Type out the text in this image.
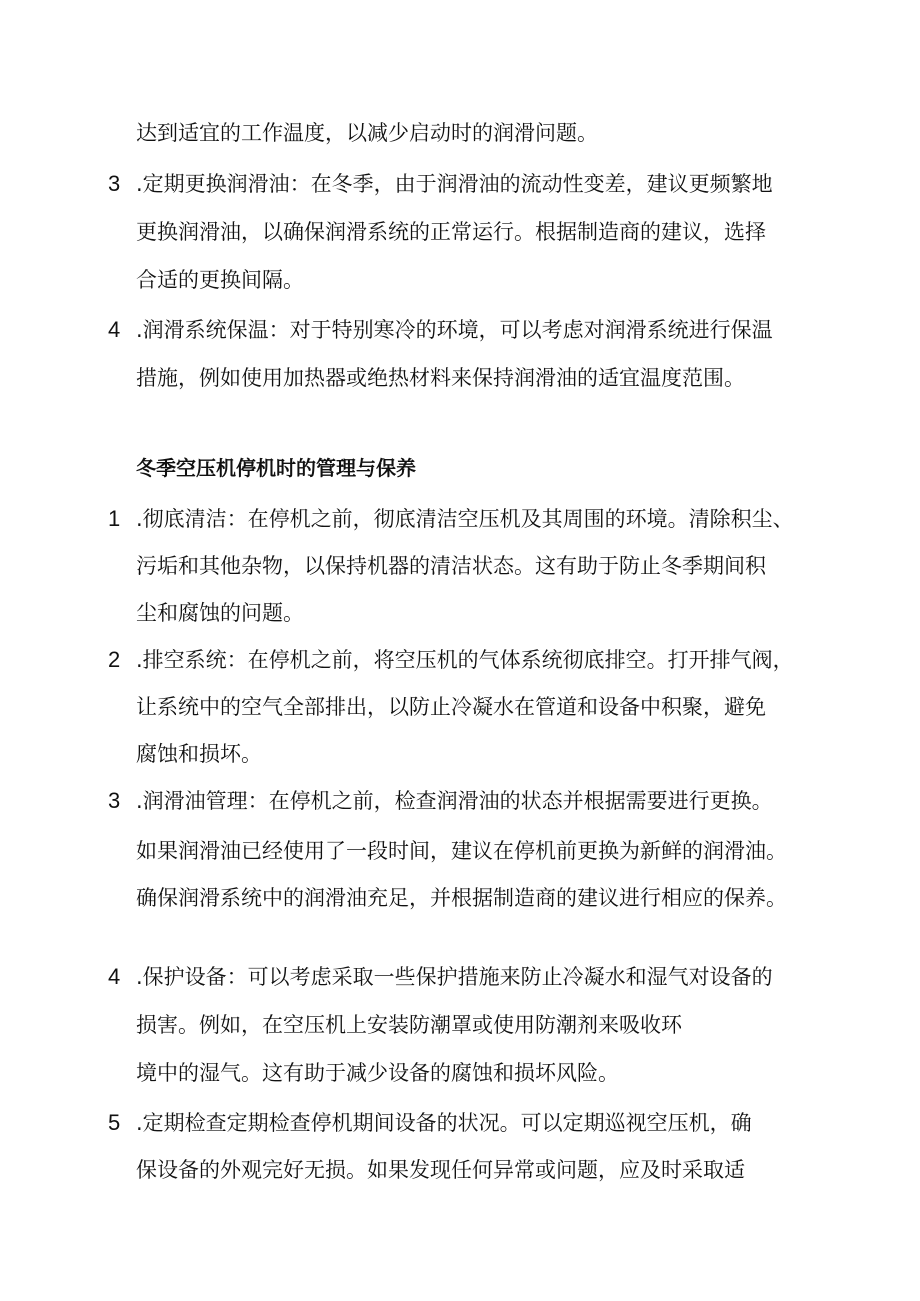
达到适宜的工作温度，以减少启动时的润滑问题。
3 .定期更换润滑油：在冬季，由于润滑油的流动性变差，建议更频繁地
更换润滑油，以确保润滑系统的正常运行。根据制造商的建议，选择
合适的更换间隔。
4 .润滑系统保温：对于特别寒冷的环境，可以考虑对润滑系统进行保温
措施，例如使用加热器或绝热材料来保持润滑油的适宜温度范围。
冬季空压机停机时的管理与保养
1 .彻底清洁：在停机之前，彻底清洁空压机及其周围的环境。清除积尘、
污垢和其他杂物，以保持机器的清洁状态。这有助于防止冬季期间积
尘和腐蚀的问题。
2 .排空系统：在停机之前，将空压机的气体系统彻底排空。打开排气阀，
让系统中的空气全部排出，以防止冷凝水在管道和设备中积聚，避免
腐蚀和损坏。
3 .润滑油管理：在停机之前，检查润滑油的状态并根据需要进行更换。
如果润滑油已经使用了一段时间，建议在停机前更换为新鲜的润滑油。
确保润滑系统中的润滑油充足，并根据制造商的建议进行相应的保养。
4 .保护设备：可以考虑采取一些保护措施来防止冷凝水和湿气对设备的
损害。例如，在空压机上安装防潮罩或使用防潮剂来吸收环
境中的湿气。这有助于减少设备的腐蚀和损坏风险。
5 .定期检查定期检查停机期间设备的状况。可以定期巡视空压机，确
保设备的外观完好无损。如果发现任何异常或问题，应及时采取适
